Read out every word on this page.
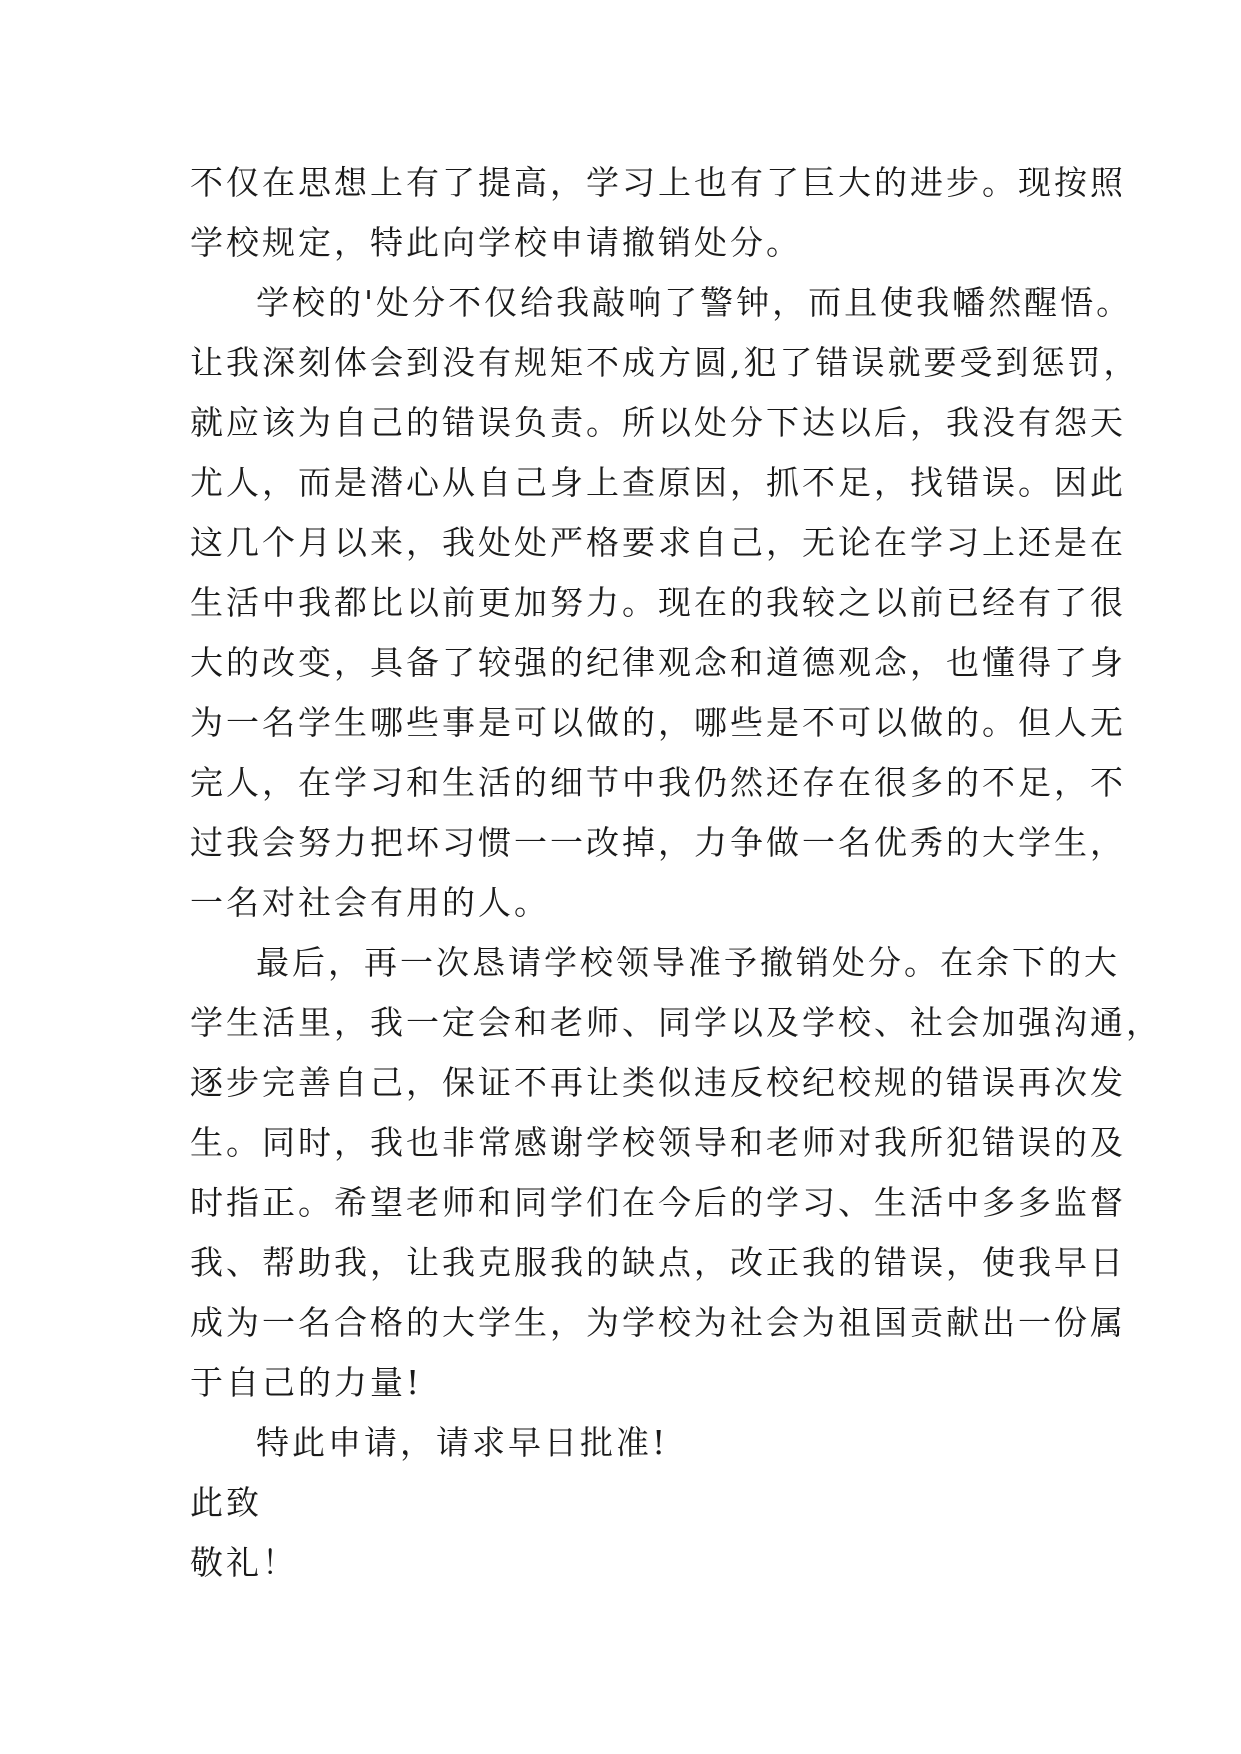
不仅在思想上有了提高，学习上也有了巨大的进步。现按照
学校规定，特此向学校申请撤销处分。
学校的'处分不仅给我敲响了警钟，而且使我幡然醒悟。
让我深刻体会到没有规矩不成方圆,犯了错误就要受到惩罚，
就应该为自己的错误负责。所以处分下达以后，我没有怨天
尤人，而是潜心从自己身上查原因，抓不足，找错误。因此
这几个月以来，我处处严格要求自己，无论在学习上还是在
生活中我都比以前更加努力。现在的我较之以前已经有了很
大的改变，具备了较强的纪律观念和道德观念，也懂得了身
为一名学生哪些事是可以做的，哪些是不可以做的。但人无
完人，在学习和生活的细节中我仍然还存在很多的不足，不
过我会努力把坏习惯一一改掉，力争做一名优秀的大学生，
一名对社会有用的人。
最后，再一次恳请学校领导准予撤销处分。在余下的大
学生活里，我一定会和老师、同学以及学校、社会加强沟通，
逐步完善自己，保证不再让类似违反校纪校规的错误再次发
生。同时，我也非常感谢学校领导和老师对我所犯错误的及
时指正。希望老师和同学们在今后的学习、生活中多多监督
我、帮助我，让我克服我的缺点，改正我的错误，使我早日
成为一名合格的大学生，为学校为社会为祖国贡献出一份属
于自己的力量!
特此申请，请求早日批准!
此致
敬礼！
